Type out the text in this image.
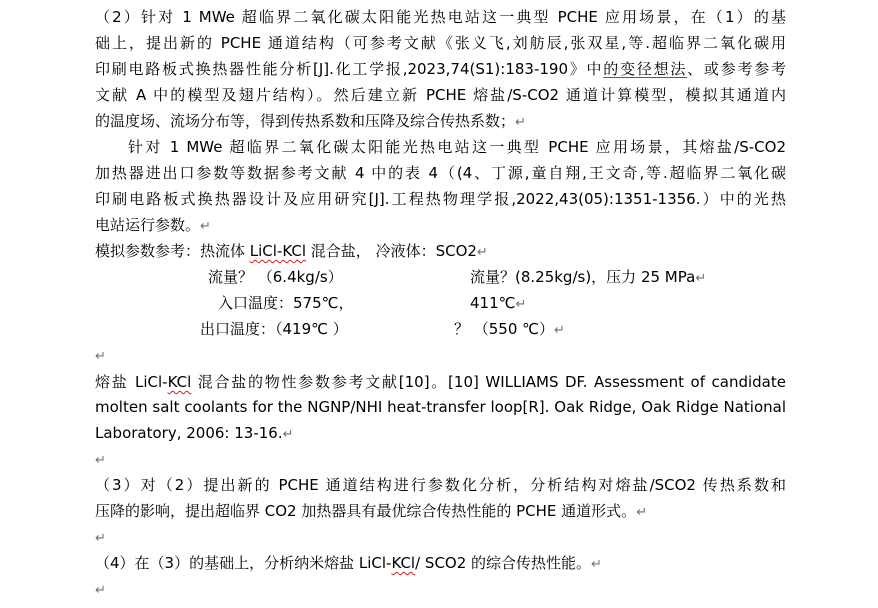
（2）针对 1 MWe 超临界二氧化碳太阳能光热电站这一典型 PCHE 应用场景，在（1）的基
础上，提出新的 PCHE 通道结构（可参考文献《张义飞,刘舫辰,张双星,等.超临界二氧化碳用
印刷电路板式换热器性能分析[J].化工学报,2023,74(S1):183-190》中的变径想法、或参考参考
文献 A 中的模型及翅片结构）。然后建立新 PCHE 熔盐/S-CO2 通道计算模型，模拟其通道内
的温度场、流场分布等，得到传热系数和压降及综合传热系数；↵
针对 1 MWe 超临界二氧化碳太阳能光热电站这一典型 PCHE 应用场景，其熔盐/S-CO2
加热器进出口参数等数据参考文献 4 中的表 4（(4、丁源,童自翔,王文奇,等.超临界二氧化碳
印刷电路板式换热器设计及应用研究[J].工程热物理学报,2022,43(05):1351-1356.）中的光热
电站运行参数。↵
模拟参数参考：热流体 LiCl-KCl 混合盐， 冷液体：SCO2↵
流量？ （6.4kg/s）	流量？(8.25kg/s)，压力 25 MPa↵
入口温度：575℃，	411℃↵
出口温度：（419℃ ）	？ （550 ℃）↵
↵
熔盐 LiCl-KCl 混合盐的物性参数参考文献[10]。[10] WILLIAMS DF. Assessment of candidate
molten salt coolants for the NGNP/NHI heat-transfer loop[R]. Oak Ridge, Oak Ridge National
Laboratory, 2006: 13-16.↵
↵
（3）对（2）提出新的 PCHE 通道结构进行参数化分析，分析结构对熔盐/SCO2 传热系数和
压降的影响，提出超临界 CO2 加热器具有最优综合传热性能的 PCHE 通道形式。↵
↵
（4）在（3）的基础上，分析纳米熔盐 LiCl-KCl/ SCO2 的综合传热性能。↵
↵
